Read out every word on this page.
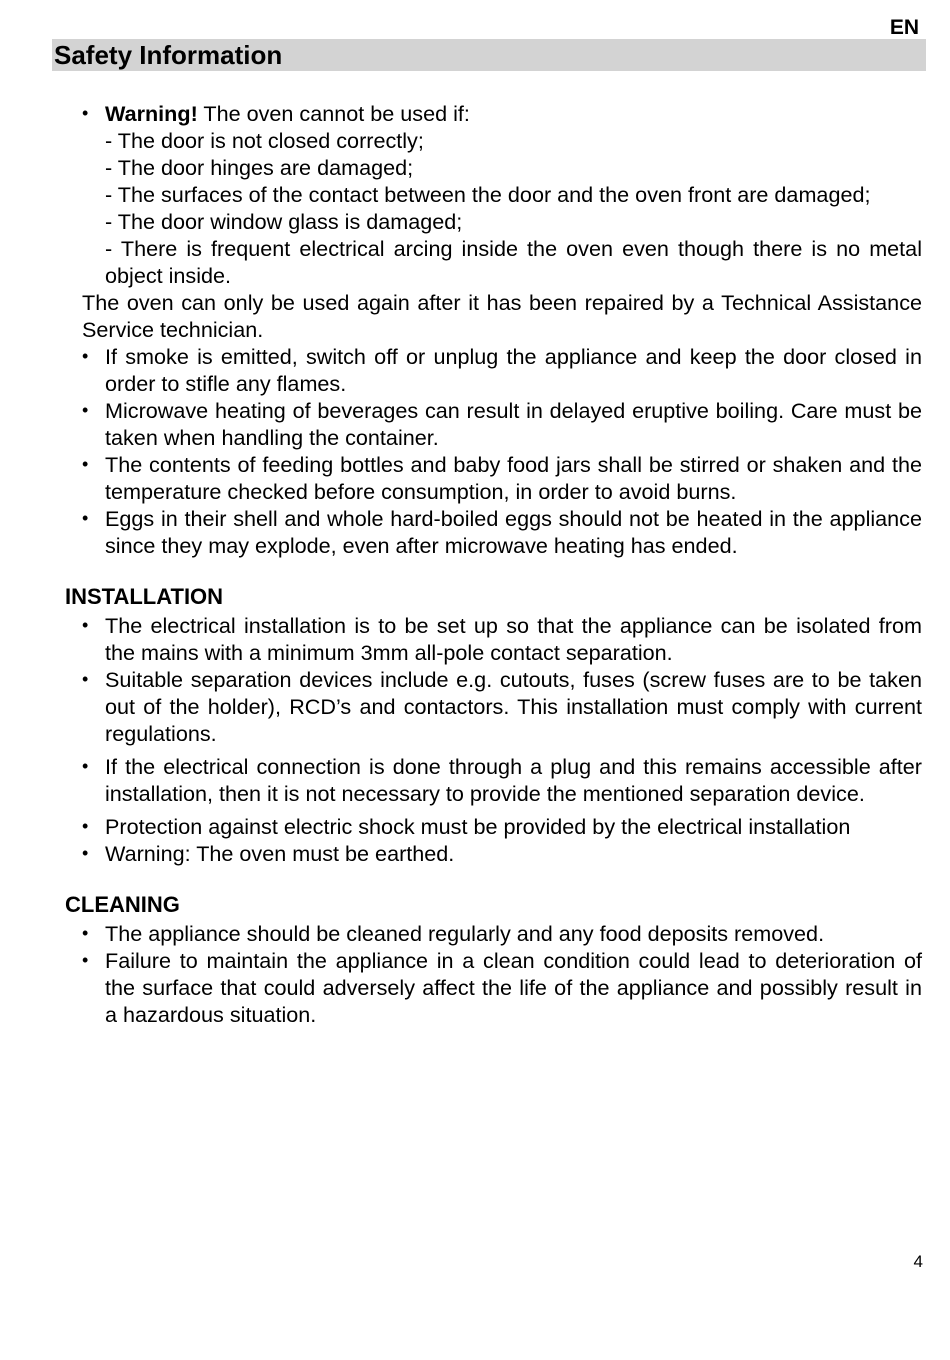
EN
Safety Information
• Warning! The oven cannot be used if:
- The door is not closed correctly;
- The door hinges are damaged;
- The surfaces of the contact between the door and the oven front are damaged;
- The door window glass is damaged;
- There is frequent electrical arcing inside the oven even though there is no metal object inside.
The oven can only be used again after it has been repaired by a Technical Assistance Service technician.
• If smoke is emitted, switch off or unplug the appliance and keep the door closed in order to stifle any flames.
• Microwave heating of beverages can result in delayed eruptive boiling. Care must be taken when handling the container.
• The contents of feeding bottles and baby food jars shall be stirred or shaken and the temperature checked before consumption, in order to avoid burns.
• Eggs in their shell and whole hard-boiled eggs should not be heated in the appliance since they may explode, even after microwave heating has ended.
INSTALLATION
• The electrical installation is to be set up so that the appliance can be isolated from the mains with a minimum 3mm all-pole contact separation.
• Suitable separation devices include e.g. cutouts, fuses (screw fuses are to be taken out of the holder), RCD’s and contactors. This installation must comply with current regulations.
• If the electrical connection is done through a plug and this remains accessible after installation, then it is not necessary to provide the mentioned separation device.
• Protection against electric shock must be provided by the electrical installation
• Warning: The oven must be earthed.
CLEANING
• The appliance should be cleaned regularly and any food deposits removed.
• Failure to maintain the appliance in a clean condition could lead to deterioration of the surface that could adversely affect the life of the appliance and possibly result in a hazardous situation.
4
